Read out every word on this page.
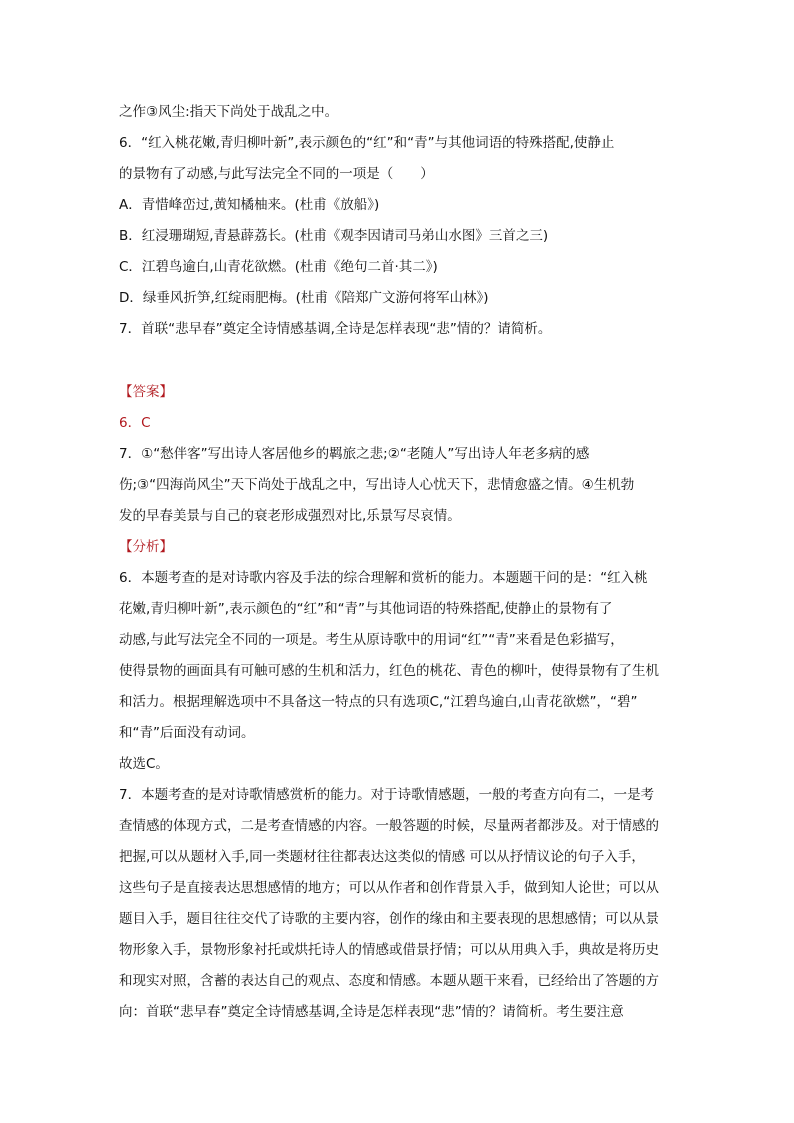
之作③风尘:指天下尚处于战乱之中。
6．“红入桃花嫩,青归柳叶新”,表示颜色的“红”和“青”与其他词语的特殊搭配,使静止
的景物有了动感,与此写法完全不同的一项是（　　）
A．青惜峰峦过,黄知橘柚来。(杜甫《放船》)
B．红浸珊瑚短,青悬薜荔长。(杜甫《观李因请司马弟山水图》三首之三)
C．江碧鸟逾白,山青花欲燃。(杜甫《绝句二首·其二》)
D．绿垂风折笋,红绽雨肥梅。(杜甫《陪郑广文游何将军山林》)
7．首联“悲早春”奠定全诗情感基调,全诗是怎样表现“悲”情的？请简析。
【答案】
6．C
7．①“愁伴客”写出诗人客居他乡的羁旅之悲;②“老随人”写出诗人年老多病的感
伤;③“四海尚风尘”天下尚处于战乱之中，写出诗人心忧天下，悲情愈盛之情。④生机勃
发的早春美景与自己的衰老形成强烈对比,乐景写尽哀情。
【分析】
6．本题考查的是对诗歌内容及手法的综合理解和赏析的能力。本题题干问的是：“红入桃
花嫩,青归柳叶新”,表示颜色的“红”和“青”与其他词语的特殊搭配,使静止的景物有了
动感,与此写法完全不同的一项是。考生从原诗歌中的用词“红”“青”来看是色彩描写，
使得景物的画面具有可触可感的生机和活力，红色的桃花、青色的柳叶，使得景物有了生机
和活力。根据理解选项中不具备这一特点的只有选项C,“江碧鸟逾白,山青花欲燃”，“碧”
和“青”后面没有动词。
故选C。
7．本题考查的是对诗歌情感赏析的能力。对于诗歌情感题，一般的考查方向有二，一是考
查情感的体现方式，二是考查情感的内容。一般答题的时候，尽量两者都涉及。对于情感的
把握,可以从题材入手,同一类题材往往都表达这类似的情感 可以从抒情议论的句子入手，
这些句子是直接表达思想感情的地方；可以从作者和创作背景入手，做到知人论世；可以从
题目入手，题目往往交代了诗歌的主要内容，创作的缘由和主要表现的思想感情；可以从景
物形象入手，景物形象衬托或烘托诗人的情感或借景抒情；可以从用典入手，典故是将历史
和现实对照，含蓄的表达自己的观点、态度和情感。本题从题干来看，已经给出了答题的方
向：首联“悲早春”奠定全诗情感基调,全诗是怎样表现“悲”情的？请简析。考生要注意
